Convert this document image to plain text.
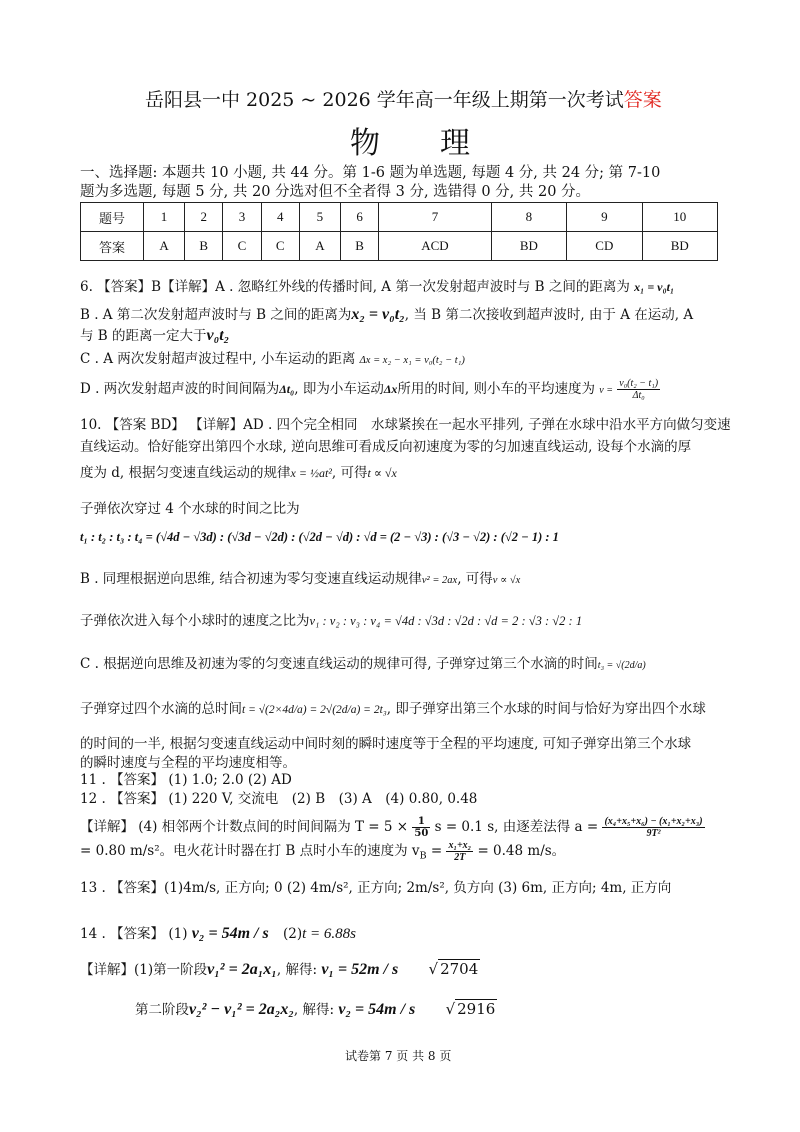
岳阳县一中 2025 ~ 2026 学年高一年级上期第一次考试答案
物　　理
一、选择题: 本题共 10 小题, 共 44 分。第 1-6 题为单选题, 每题 4 分, 共 24 分; 第 7-10
题为多选题, 每题 5 分, 共 20 分选对但不全者得 3 分, 选错得 0 分, 共 20 分。
题号	1	2	3	4	5	6	7	8	9	10
答案	A	B	C	C	A	B	ACD	BD	CD	BD
6. 【答案】B【详解】A . 忽略红外线的传播时间, A 第一次发射超声波时与 B 之间的距离为 x₁ = v₀t₁
B . A 第二次发射超声波时与 B 之间的距离为x₂ = v₀t₂, 当 B 第二次接收到超声波时, 由于 A 在运动, A
与 B 的距离一定大于v₀t₂
C . A 两次发射超声波过程中, 小车运动的距离 Δx = x₂ − x₁ = v₀(t₂ − t₁)
D . 两次发射超声波的时间间隔为Δt₀, 即为小车运动Δx所用的时间, 则小车的平均速度为 $v = \frac{\text{v₀(t₂ − t₁)}}{\text{Δt₀}}$
10. 【答案 BD】 【详解】AD . 四个完全相同　水球紧挨在一起水平排列, 子弹在水球中沿水平方向做匀变速
直线运动。恰好能穿出第四个水球, 逆向思维可看成反向初速度为零的匀加速直线运动, 设每个水滴的厚
度为 d, 根据匀变速直线运动的规律x = ½at², 可得t ∝ √x
子弹依次穿过 4 个水球的时间之比为
t₁ : t₂ : t₃ : t₄ = (√4d − √3d) : (√3d − √2d) : (√2d − √d) : √d = (2 − √3) : (√3 − √2) : (√2 − 1) : 1
B . 同理根据逆向思维, 结合初速为零匀变速直线运动规律v² = 2ax, 可得v ∝ √x
子弹依次进入每个小球时的速度之比为v₁ : v₂ : v₃ : v₄ = √4d : √3d : √2d : √d = 2 : √3 : √2 : 1
C . 根据逆向思维及初速为零的匀变速直线运动的规律可得, 子弹穿过第三个水滴的时间t₃ = √(2d/a)
子弹穿过四个水滴的总时间t = √(2×4d/a) = 2√(2d/a) = 2t₃, 即子弹穿出第三个水球的时间与恰好为穿出四个水球
的时间的一半, 根据匀变速直线运动中间时刻的瞬时速度等于全程的平均速度, 可知子弹穿出第三个水球
的瞬时速度与全程的平均速度相等。
11 . 【答案】 (1) 1.0; 2.0 (2) AD
12 . 【答案】 (1) 220 V, 交流电　(2) B　(3) A　(4) 0.80, 0.48
【详解】 (4) 相邻两个计数点间的时间间隔为 $T = 5 \times \frac{1}{50}$ s = 0.1 s, 由逐差法得 $a = \frac{\text{(x₄+x₅+x₆) − (x₁+x₂+x₃)}}{\text{9T²}}$
= 0.80 m/s²。电火花计时器在打 B 点时小车的速度为 $v_B = \frac{\text{x₁+x₂}}{2T} = 0.48$ m/s。
13 . 【答案】(1)4m/s, 正方向; 0 (2) 4m/s², 正方向; 2m/s², 负方向 (3) 6m, 正方向; 4m, 正方向
14 . 【答案】 (1) v₂ = 54m / s (2)t = 6.88s
【详解】(1)第一阶段v₁² = 2a₁x₁, 解得: v₁ = 52m / s √ 2704
第二阶段v₂² − v₁² = 2a₂x₂, 解得: v₂ = 54m / s √ 2916
试卷第 7 页 共 8 页
